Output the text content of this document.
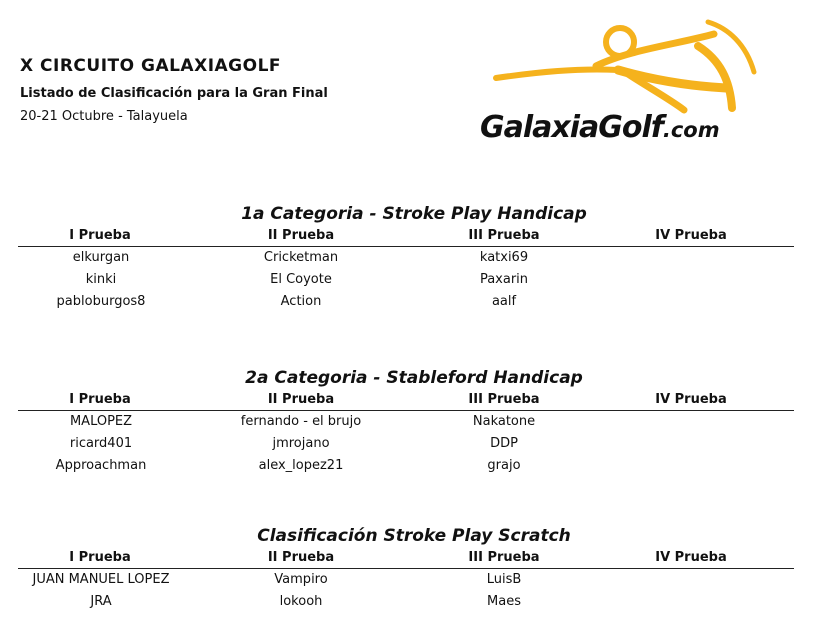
X CIRCUITO GALAXIAGOLF
Listado de Clasificación para la Gran Final
20-21 Octubre - Talayuela	GalaxiaGolf.com
1a Categoria - Stroke Play Handicap
I Prueba	II Prueba	III Prueba	IV Prueba
elkurgan	Cricketman	katxi69
kinki	El Coyote	Paxarin
pabloburgos8	Action	aalf
2a Categoria - Stableford Handicap
I Prueba	II Prueba	III Prueba	IV Prueba
MALOPEZ	fernando - el brujo	Nakatone
ricard401	jmrojano	DDP
Approachman	alex_lopez21	grajo
Clasificación Stroke Play Scratch
I Prueba	II Prueba	III Prueba	IV Prueba
JUAN MANUEL LOPEZ	Vampiro	LuisB
JRA	lokooh	Maes
